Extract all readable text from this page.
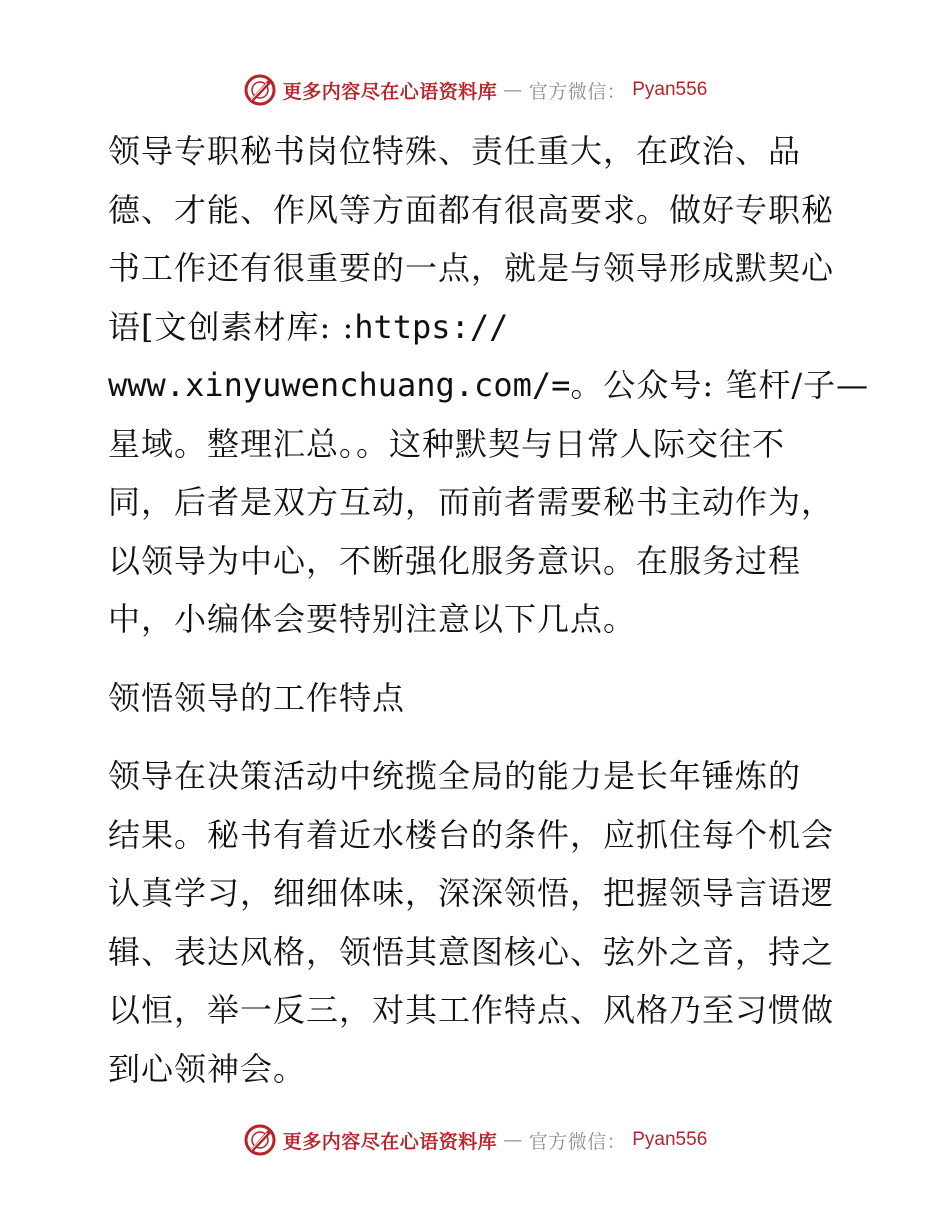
更多内容尽在心语资料库 — 官方微信： Pyan556

领导专职秘书岗位特殊、责任重大，在政治、品
德、才能、作风等方面都有很高要求。做好专职秘
书工作还有很重要的一点，就是与领导形成默契心
语[文创素材库: :https://
www.xinyuwenchuang.com/=。公众号: 笔杆/子—
星域。整理汇总。。这种默契与日常人际交往不
同，后者是双方互动，而前者需要秘书主动作为，
以领导为中心，不断强化服务意识。在服务过程
中，小编体会要特别注意以下几点。

领悟领导的工作特点

领导在决策活动中统揽全局的能力是长年锤炼的
结果。秘书有着近水楼台的条件，应抓住每个机会
认真学习，细细体味，深深领悟，把握领导言语逻
辑、表达风格，领悟其意图核心、弦外之音，持之
以恒，举一反三，对其工作特点、风格乃至习惯做
到心领神会。

更多内容尽在心语资料库 — 官方微信： Pyan556
